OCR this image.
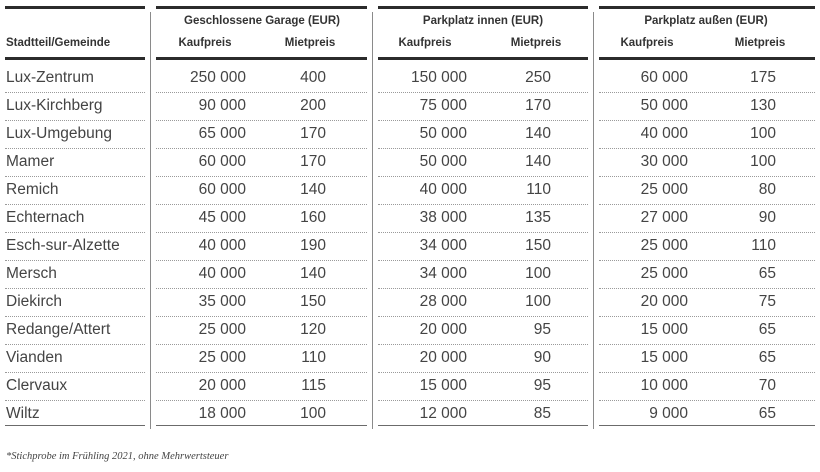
Stadtteil/Gemeinde
Geschlossene Garage (EUR)
Kaufpreis	Mietpreis
Parkplatz innen (EUR)
Kaufpreis	Mietpreis
Parkplatz außen (EUR)
Kaufpreis	Mietpreis
Lux-Zentrum	250 000	400	150 000	250	60 000	175
Lux-Kirchberg	90 000	200	75 000	170	50 000	130
Lux-Umgebung	65 000	170	50 000	140	40 000	100
Mamer	60 000	170	50 000	140	30 000	100
Remich	60 000	140	40 000	110	25 000	80
Echternach	45 000	160	38 000	135	27 000	90
Esch-sur-Alzette	40 000	190	34 000	150	25 000	110
Mersch	40 000	140	34 000	100	25 000	65
Diekirch	35 000	150	28 000	100	20 000	75
Redange/Attert	25 000	120	20 000	95	15 000	65
Vianden	25 000	110	20 000	90	15 000	65
Clervaux	20 000	115	15 000	95	10 000	70
Wiltz	18 000	100	12 000	85	9 000	65
*Stichprobe im Frühling 2021, ohne Mehrwertsteuer
